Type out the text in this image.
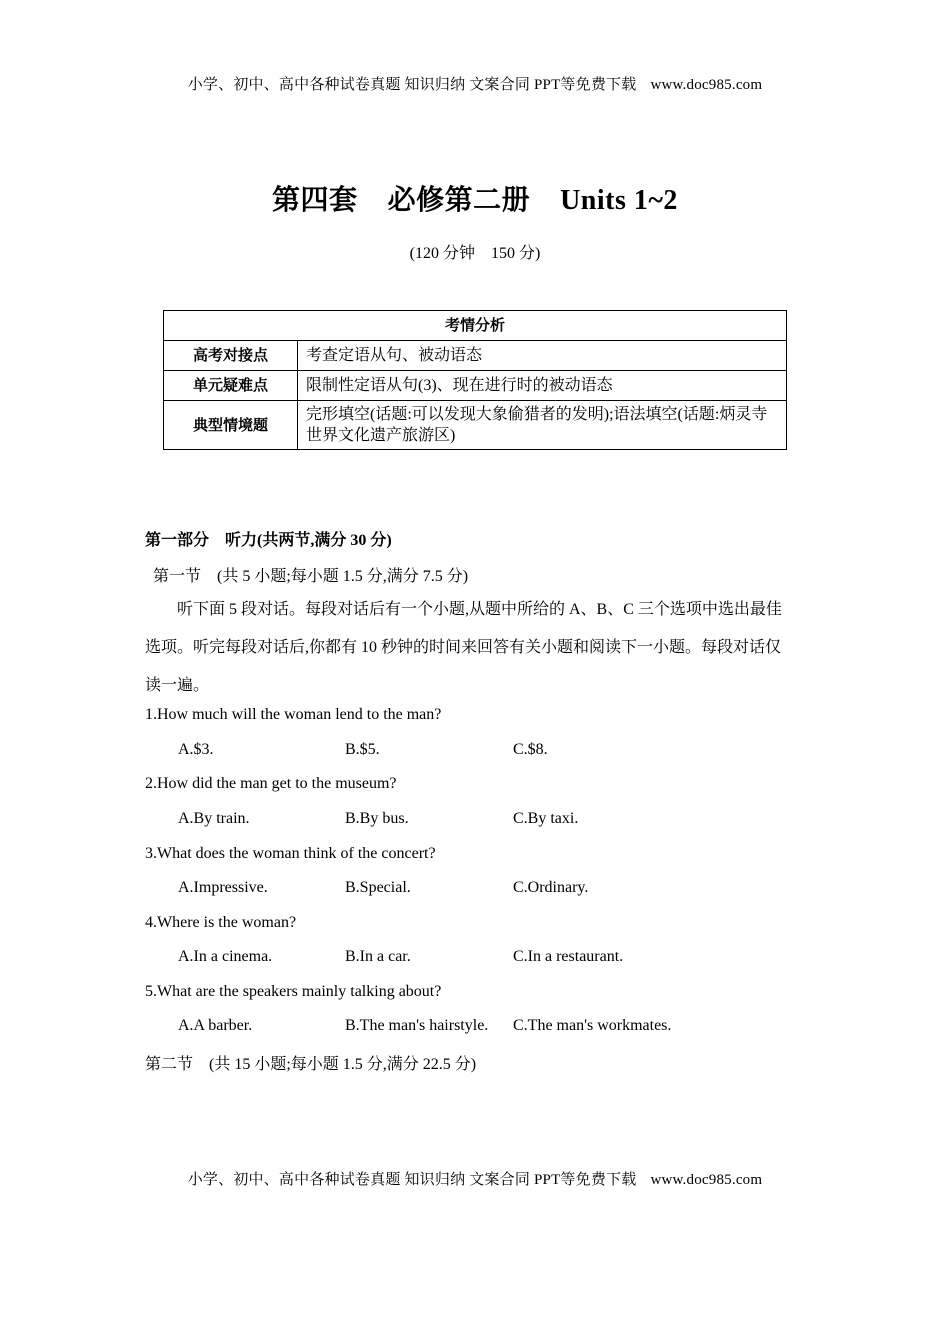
小学、初中、高中各种试卷真题 知识归纳 文案合同 PPT等免费下载 www.doc985.com
第四套 必修第二册 Units 1~2
(120 分钟 150 分)
考情分析	
高考对接点	考查定语从句、被动语态
单元疑难点	限制性定语从句(3)、现在进行时的被动语态
典型情境题	完形填空(话题:可以发现大象偷猎者的发明);语法填空(话题:炳灵寺世界文化遗产旅游区)
第一部分 听力(共两节,满分 30 分)
第一节 (共 5 小题;每小题 1.5 分,满分 7.5 分)
听下面 5 段对话。每段对话后有一个小题,从题中所给的 A、B、C 三个选项中选出最佳选项。听完每段对话后,你都有 10 秒钟的时间来回答有关小题和阅读下一小题。每段对话仅读一遍。
1.How much will the woman lend to the man?
A.$3.	B.$5.	C.$8.
2.How did the man get to the museum?
A.By train.	B.By bus.	C.By taxi.
3.What does the woman think of the concert?
A.Impressive.	B.Special.	C.Ordinary.
4.Where is the woman?
A.In a cinema.	B.In a car.	C.In a restaurant.
5.What are the speakers mainly talking about?
A.A barber.	B.The man's hairstyle. C.The man's workmates.
第二节 (共 15 小题;每小题 1.5 分,满分 22.5 分)
小学、初中、高中各种试卷真题 知识归纳 文案合同 PPT等免费下载 www.doc985.com
